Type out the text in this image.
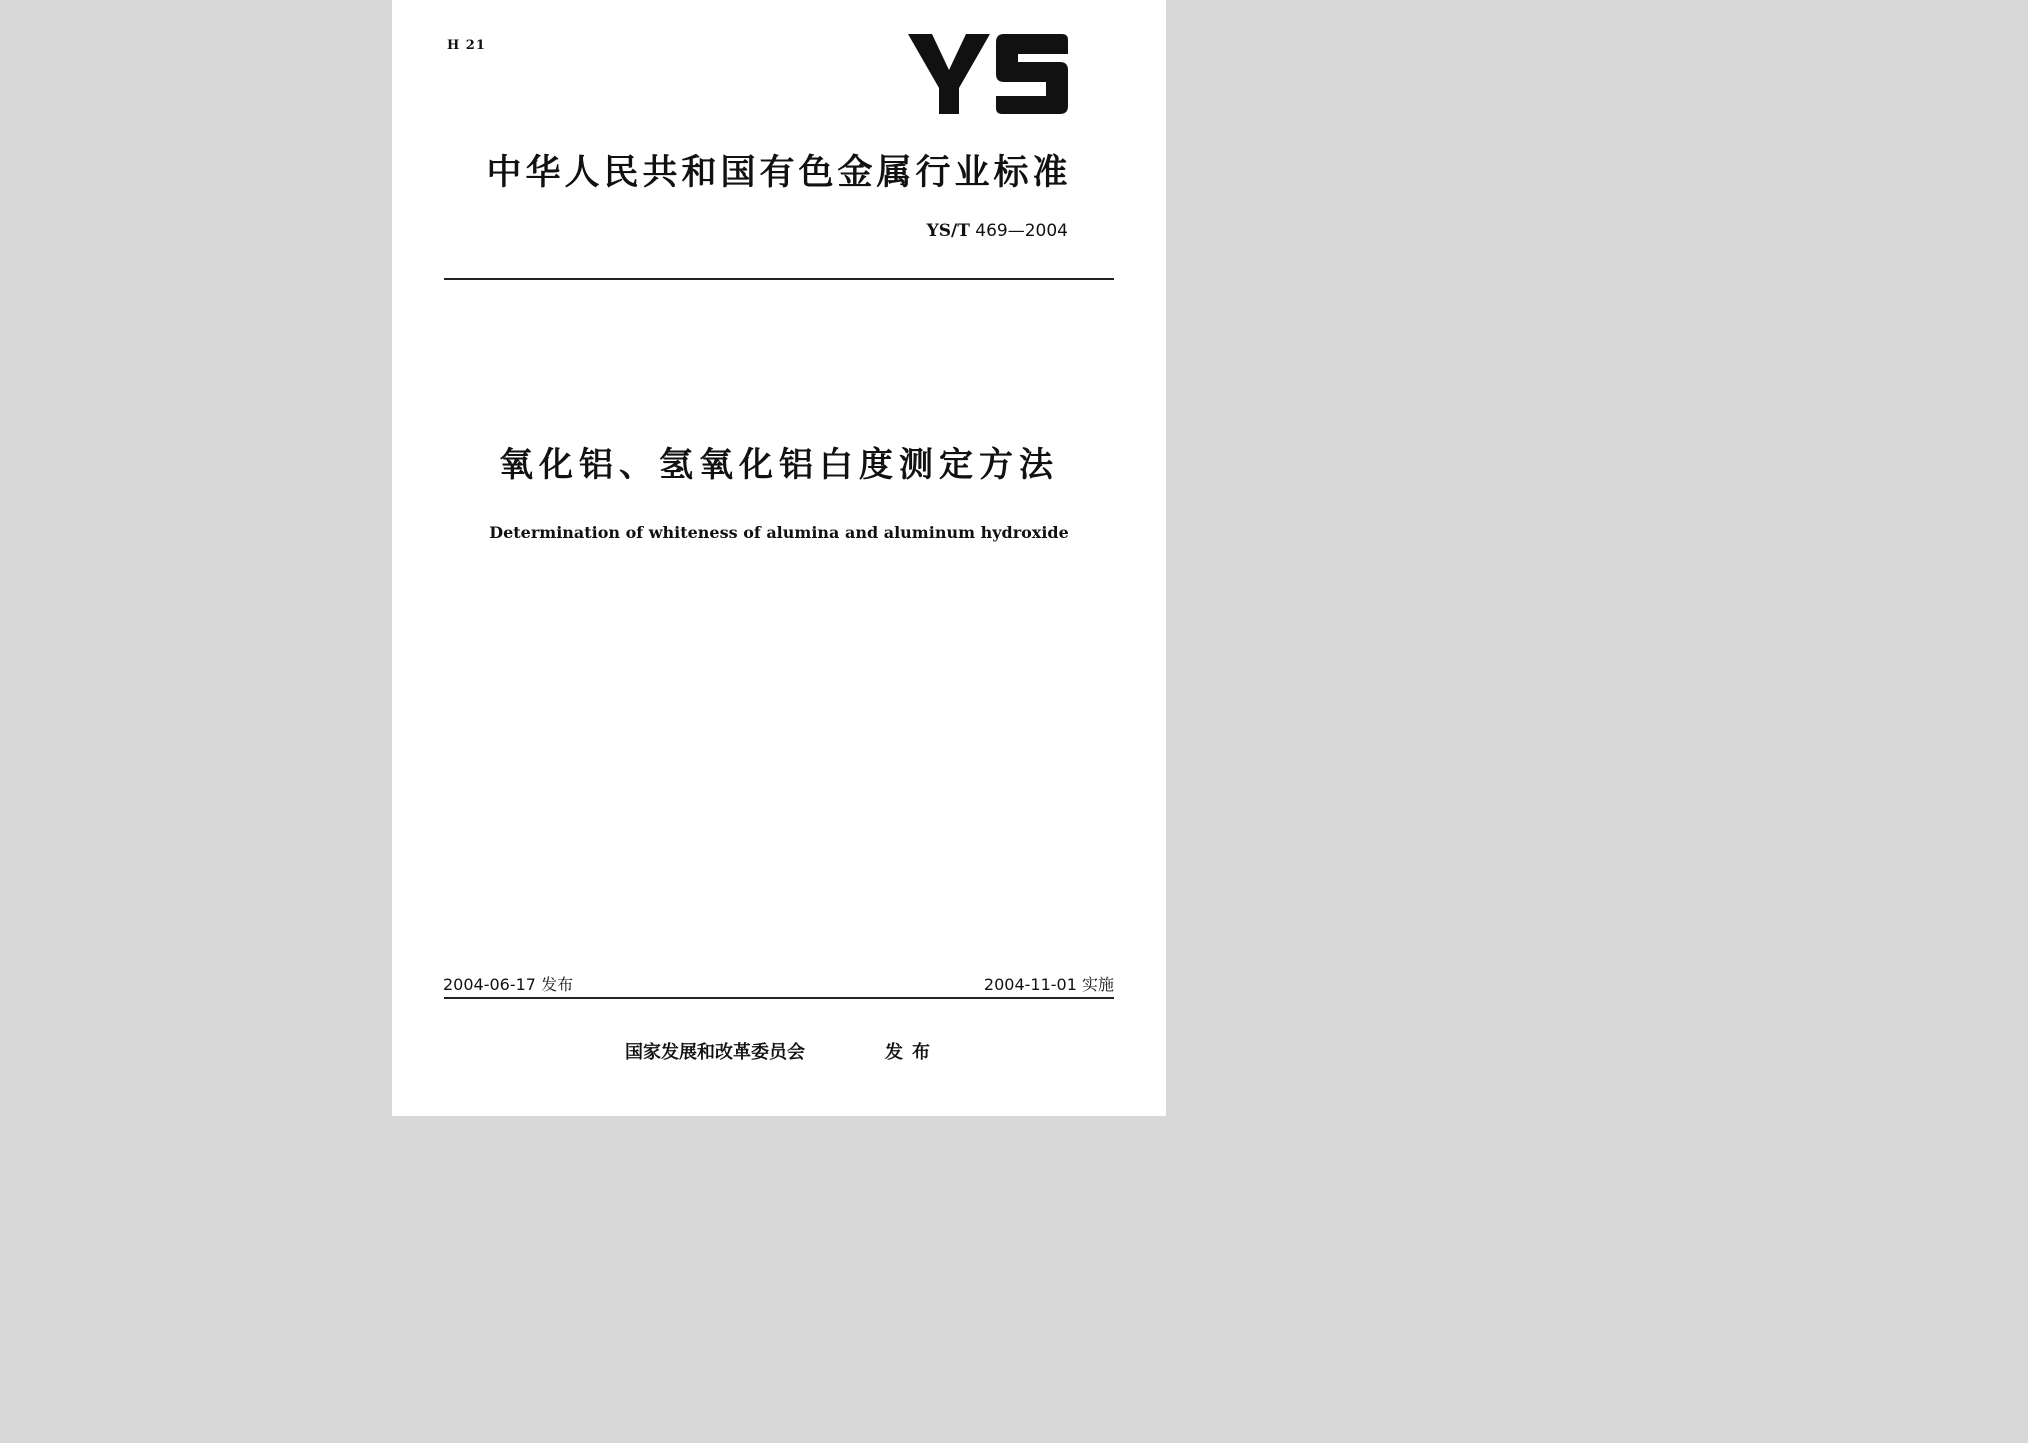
H 21
中华人民共和国有色金属行业标准
YS/T 469—2004
氧化铝、氢氧化铝白度测定方法
Determination of whiteness of alumina and aluminum hydroxide
2004-06-17 发布	2004-11-01 实施
国家发展和改革委员会	发布
